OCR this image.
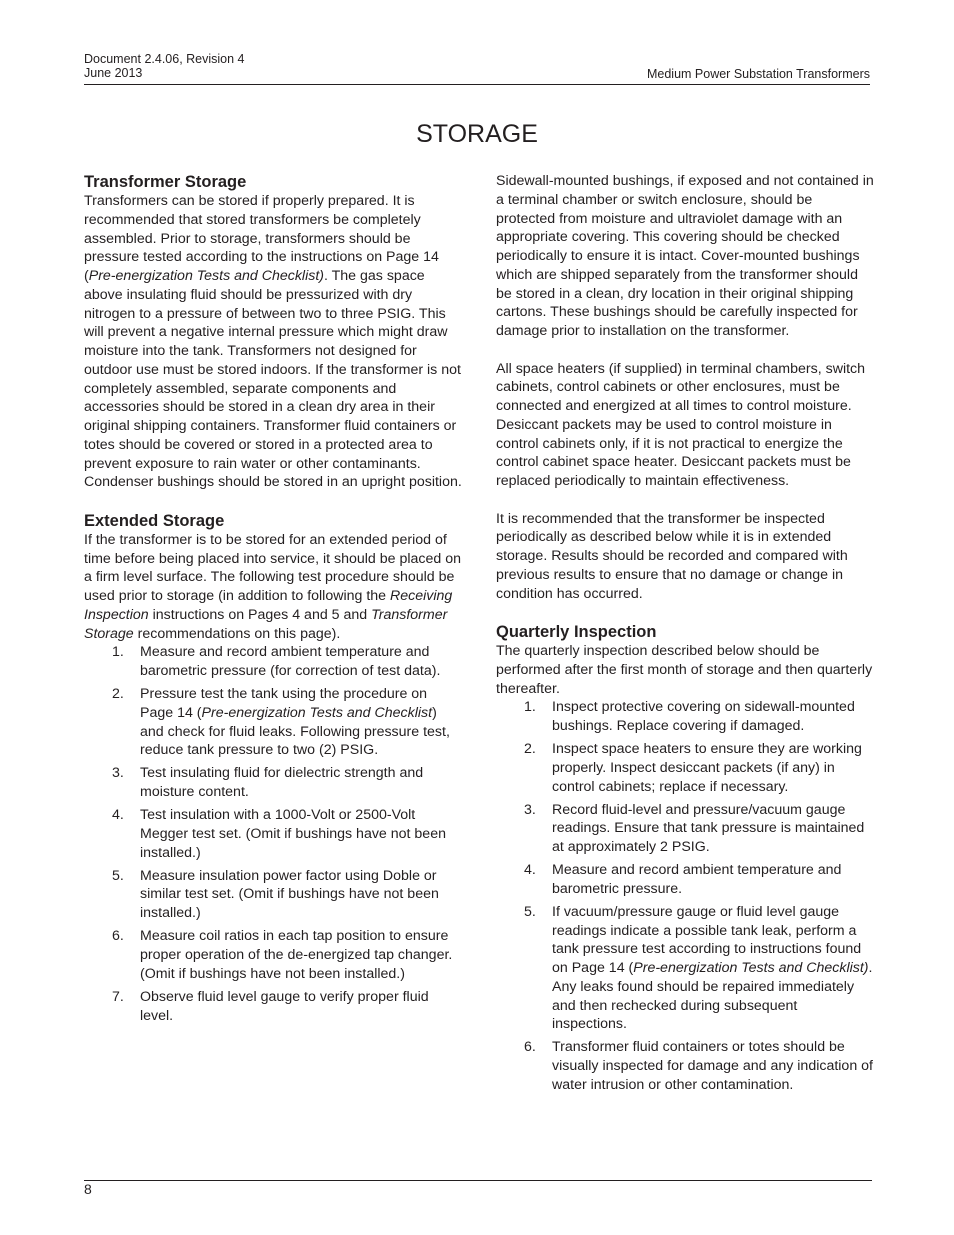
Document 2.4.06, Revision 4
June 2013	Medium Power Substation Transformers
STORAGE
Transformer Storage

Transformers can be stored if properly prepared. It is recommended that stored transformers be completely assembled. Prior to storage, transformers should be pressure tested according to the instructions on Page 14 (Pre-energization Tests and Checklist). The gas space above insulating fluid should be pressurized with dry nitrogen to a pressure of between two to three PSIG. This will prevent a negative internal pressure which might draw moisture into the tank. Transformers not designed for outdoor use must be stored indoors. If the transformer is not completely assembled, separate components and accessories should be stored in a clean dry area in their original shipping containers. Transformer fluid containers or totes should be covered or stored in a protected area to prevent exposure to rain water or other contaminants. Condenser bushings should be stored in an upright position.

Extended Storage

If the transformer is to be stored for an extended period of time before being placed into service, it should be placed on a firm level surface. The following test procedure should be used prior to storage (in addition to following the Receiving Inspection instructions on Pages 4 and 5 and Transformer Storage recommendations on this page).

1.	Measure and record ambient temperature and barometric pressure (for correction of test data).
2.	Pressure test the tank using the procedure on Page 14 (Pre-energization Tests and Checklist) and check for fluid leaks. Following pressure test, reduce tank pressure to two (2) PSIG.
3.	Test insulating fluid for dielectric strength and moisture content.
4.	Test insulation with a 1000-Volt or 2500-Volt Megger test set. (Omit if bushings have not been installed.)
5.	Measure insulation power factor using Doble or similar test set. (Omit if bushings have not been installed.)
6.	Measure coil ratios in each tap position to ensure proper operation of the de-energized tap changer. (Omit if bushings have not been installed.)
7.	Observe fluid level gauge to verify proper fluid level.

Sidewall-mounted bushings, if exposed and not contained in a terminal chamber or switch enclosure, should be protected from moisture and ultraviolet damage with an appropriate covering. This covering should be checked periodically to ensure it is intact. Cover-mounted bushings which are shipped separately from the transformer should be stored in a clean, dry location in their original shipping cartons. These bushings should be carefully inspected for damage prior to installation on the transformer.

All space heaters (if supplied) in terminal chambers, switch cabinets, control cabinets or other enclosures, must be connected and energized at all times to control moisture. Desiccant packets may be used to control moisture in control cabinets only, if it is not practical to energize the control cabinet space heater. Desiccant packets must be replaced periodically to maintain effectiveness.

It is recommended that the transformer be inspected periodically as described below while it is in extended storage. Results should be recorded and compared with previous results to ensure that no damage or change in condition has occurred.

Quarterly Inspection

The quarterly inspection described below should be performed after the first month of storage and then quarterly thereafter.

1.	Inspect protective covering on sidewall-mounted bushings. Replace covering if damaged.
2.	Inspect space heaters to ensure they are working properly. Inspect desiccant packets (if any) in control cabinets; replace if necessary.
3.	Record fluid-level and pressure/vacuum gauge readings. Ensure that tank pressure is maintained at approximately 2 PSIG.
4.	Measure and record ambient temperature and barometric pressure.
5.	If vacuum/pressure gauge or fluid level gauge readings indicate a possible tank leak, perform a tank pressure test according to instructions found on Page 14 (Pre-energization Tests and Checklist). Any leaks found should be repaired immediately and then rechecked during subsequent inspections.
6.	Transformer fluid containers or totes should be visually inspected for damage and any indication of water intrusion or other contamination.
8
